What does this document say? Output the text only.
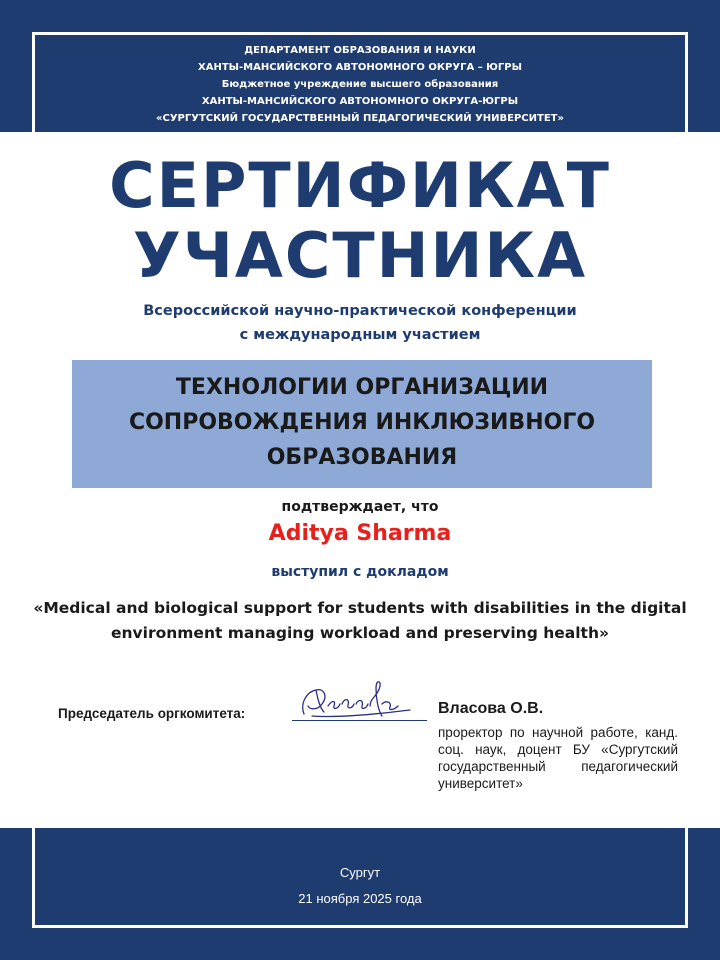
ДЕПАРТАМЕНТ ОБРАЗОВАНИЯ И НАУКИ
ХАНТЫ-МАНСИЙСКОГО АВТОНОМНОГО ОКРУГА – ЮГРЫ
Бюджетное учреждение высшего образования
ХАНТЫ-МАНСИЙСКОГО АВТОНОМНОГО ОКРУГА-ЮГРЫ
«СУРГУТСКИЙ ГОСУДАРСТВЕННЫЙ ПЕДАГОГИЧЕСКИЙ УНИВЕРСИТЕТ»
СЕРТИФИКАТ
УЧАСТНИКА
Всероссийской научно-практической конференции
с международным участием
ТЕХНОЛОГИИ ОРГАНИЗАЦИИ
СОПРОВОЖДЕНИЯ ИНКЛЮЗИВНОГО
ОБРАЗОВАНИЯ
подтверждает, что
Aditya Sharma
выступил с докладом
«Medical and biological support for students with disabilities in the digital
environment managing workload and preserving health»
Председатель оргкомитета:	Власова О.В.
проректор по научной работе, канд. соц. наук, доцент БУ «Сургутский государственный педагогический университет»
Сургут
21 ноября 2025 года
